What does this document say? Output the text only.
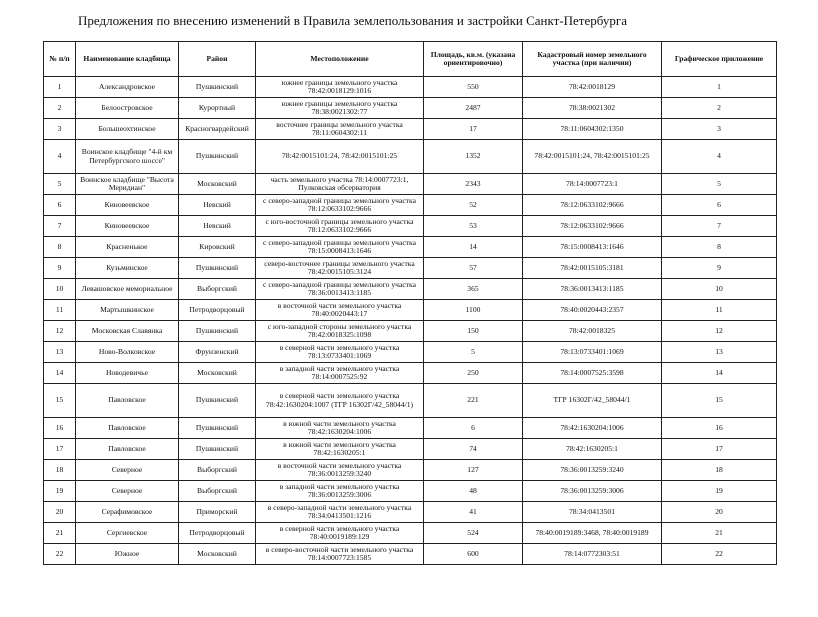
Предложения по внесению изменений в Правила землепользования и застройки Санкт-Петербурга
№ п/п	Наименование кладбища	Район	Местоположение	Площадь, кв.м. (указана ориентировочно)	Кадастровый номер земельного участка (при наличии)	Графическое приложение
1	Александровское	Пушкинский	южнее границы земельного участка 78:42:0018129:1016	550	78:42:0018129	1
2	Белоостровское	Курортный	южнее границы земельного участка 78:38:0021302:77	2487	78:38:0021302	2
3	Большеохтинское	Красногвардейский	восточнее границы земельного участка 78:11:0604302:11	17	78:11:0604302:1350	3
4	Воинское кладбище "4-й км Петербургского шоссе"	Пушкинский	78:42:0015101:24, 78:42:0015101:25	1352	78:42:0015101:24, 78:42:0015101:25	4
5	Воинское кладбище "Высота Меридиан"	Московский	часть земельного участка 78:14:0007723:1, Пулковская обсерватория	2343	78:14:0007723:1	5
6	Киновеевское	Невский	с северо-западной границы земельного участка 78:12:0633102:9666	52	78:12:0633102:9666	6
7	Киновеевское	Невский	с юго-восточной границы земельного участка 78:12:0633102:9666	53	78:12:0633102:9666	7
8	Красненькое	Кировский	с северо-западной границы земельного участка 78:15:0008413:1646	14	78:15:0008413:1646	8
9	Кузьминское	Пушкинский	северо-восточнее границы земельного участка 78:42:0015105:3124	57	78:42:0015105:3181	9
10	Левашовское мемориальное	Выборгский	с северо-западной границы земельного участка 78:36:0013413:1185	365	78:36:0013413:1185	10
11	Мартышкинское	Петродворцовый	в восточной части земельного участка 78:40:0020443:17	1100	78:40:0020443:2357	11
12	Московская Славянка	Пушкинский	с юго-западной стороны земельного участка 78:42:0018325:1098	150	78:42:0018325	12
13	Ново-Волковское	Фрунзенский	в северной части земельного участка 78:13:0733401:1069	5	78:13:0733401:1069	13
14	Новодевичье	Московский	в западной части земельного участка 78:14:0007525:92	250	78:14:0007525:3598	14
15	Павловское	Пушкинский	в северной части земельного участка 78:42:1630204:1007 (ТГР 16302Г/42_58044/1)	221	ТГР 16302Г/42_58044/1	15
16	Павловское	Пушкинский	в южной части земельного участка 78:42:1630204:1006	6	78:42:1630204:1006	16
17	Павловское	Пушкинский	в южной части земельного участка 78:42:1630205:1	74	78:42:1630205:1	17
18	Северное	Выборгский	в восточной части земельного участка 78:36:0013259:3240	127	78:36:0013259:3240	18
19	Северное	Выборгский	в западной части земельного участка 78:36:0013259:3006	48	78:36:0013259:3006	19
20	Серафимовское	Приморский	в северо-западной части земельного участка 78:34:0413501:1216	41	78:34:0413501	20
21	Сергиевское	Петродворцовый	в северной части земельного участка 78:40:0019189:129	524	78:40:0019189:3468, 78:40:0019189	21
22	Южное	Московский	в северо-восточной части земельного участка 78:14:0007723:1585	600	78:14:0772303:51	22
